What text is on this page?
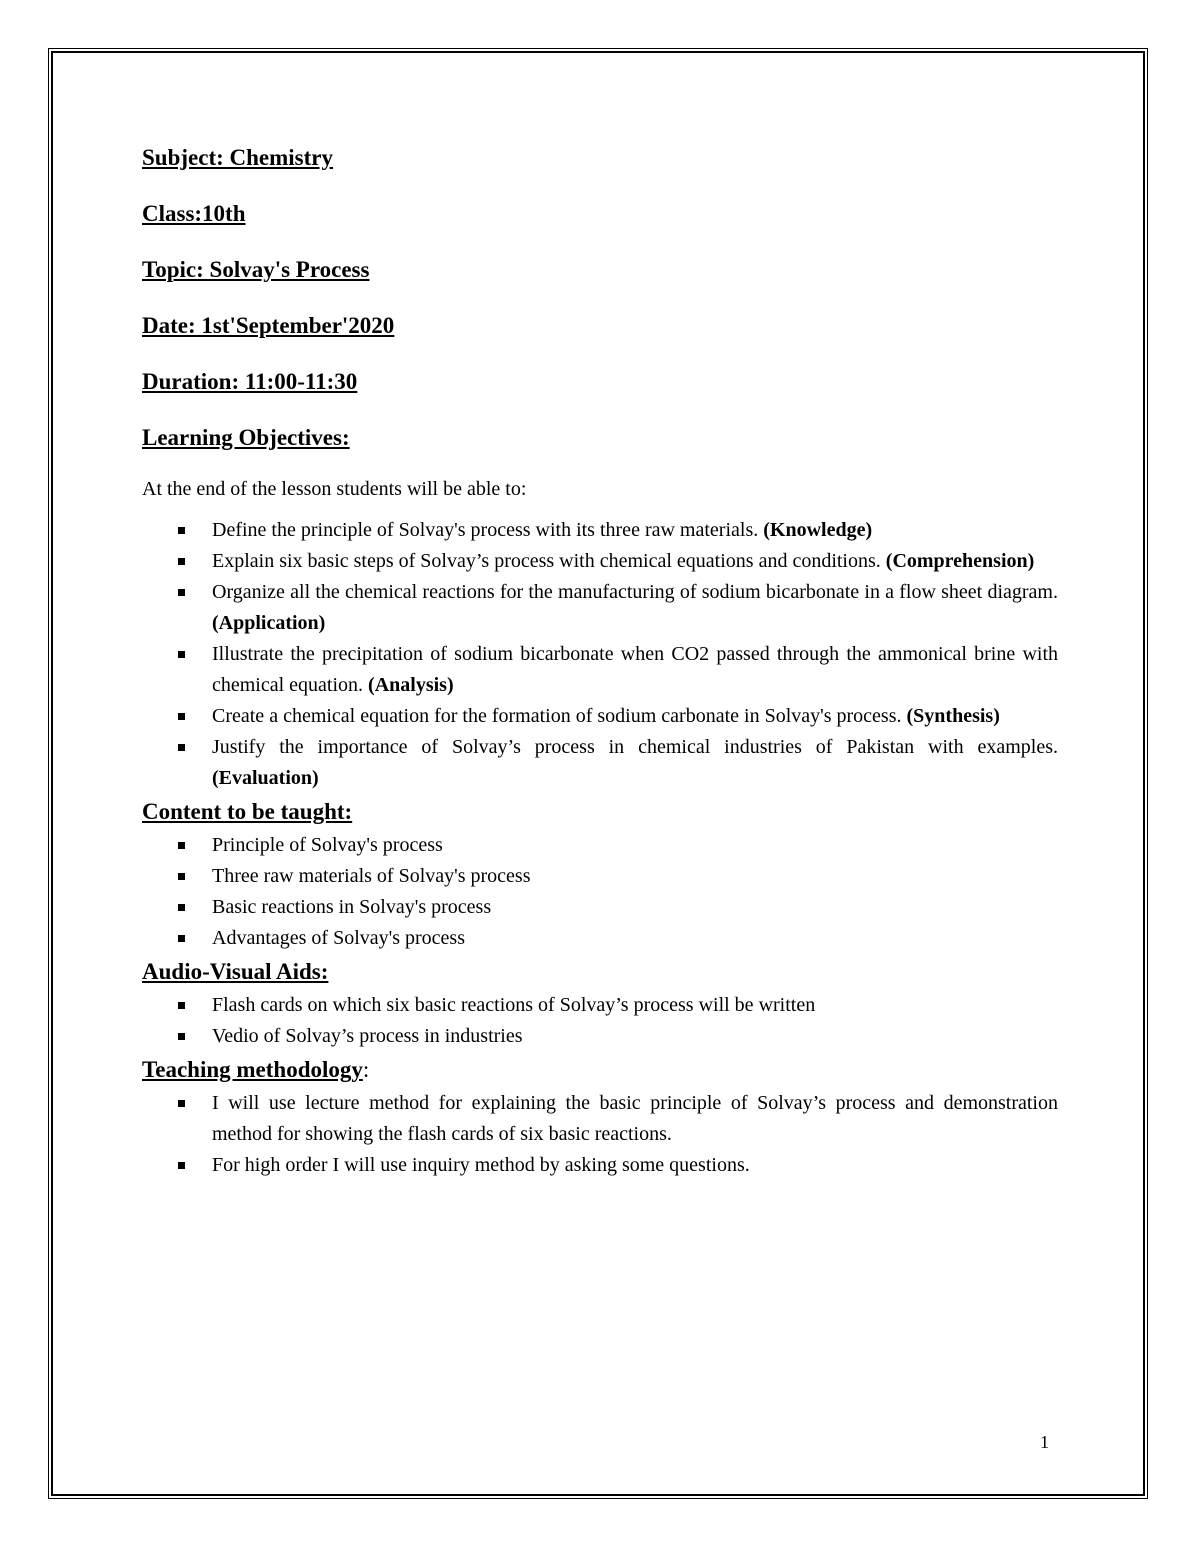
Subject: Chemistry

Class:10th

Topic: Solvay's Process

Date: 1st'September'2020

Duration: 11:00-11:30

Learning Objectives:

At the end of the lesson students will be able to:

Define the principle of Solvay's process with its three raw materials. (Knowledge)
Explain six basic steps of Solvay’s process with chemical equations and conditions. (Comprehension)
Organize all the chemical reactions for the manufacturing of sodium bicarbonate in a flow sheet diagram. (Application)
Illustrate the precipitation of sodium bicarbonate when CO2 passed through the ammonical brine with chemical equation. (Analysis)
Create a chemical equation for the formation of sodium carbonate in Solvay's process. (Synthesis)
Justify the importance of Solvay’s process in chemical industries of Pakistan with examples. (Evaluation)

Content to be taught:

Principle of Solvay's process
Three raw materials of Solvay's process
Basic reactions in Solvay's process
Advantages of Solvay's process

Audio-Visual Aids:

Flash cards on which six basic reactions of Solvay’s process will be written
Vedio of Solvay’s process in industries

Teaching methodology:

I will use lecture method for explaining the basic principle of Solvay’s process and demonstration method for showing the flash cards of six basic reactions.
For high order I will use inquiry method by asking some questions.
1
